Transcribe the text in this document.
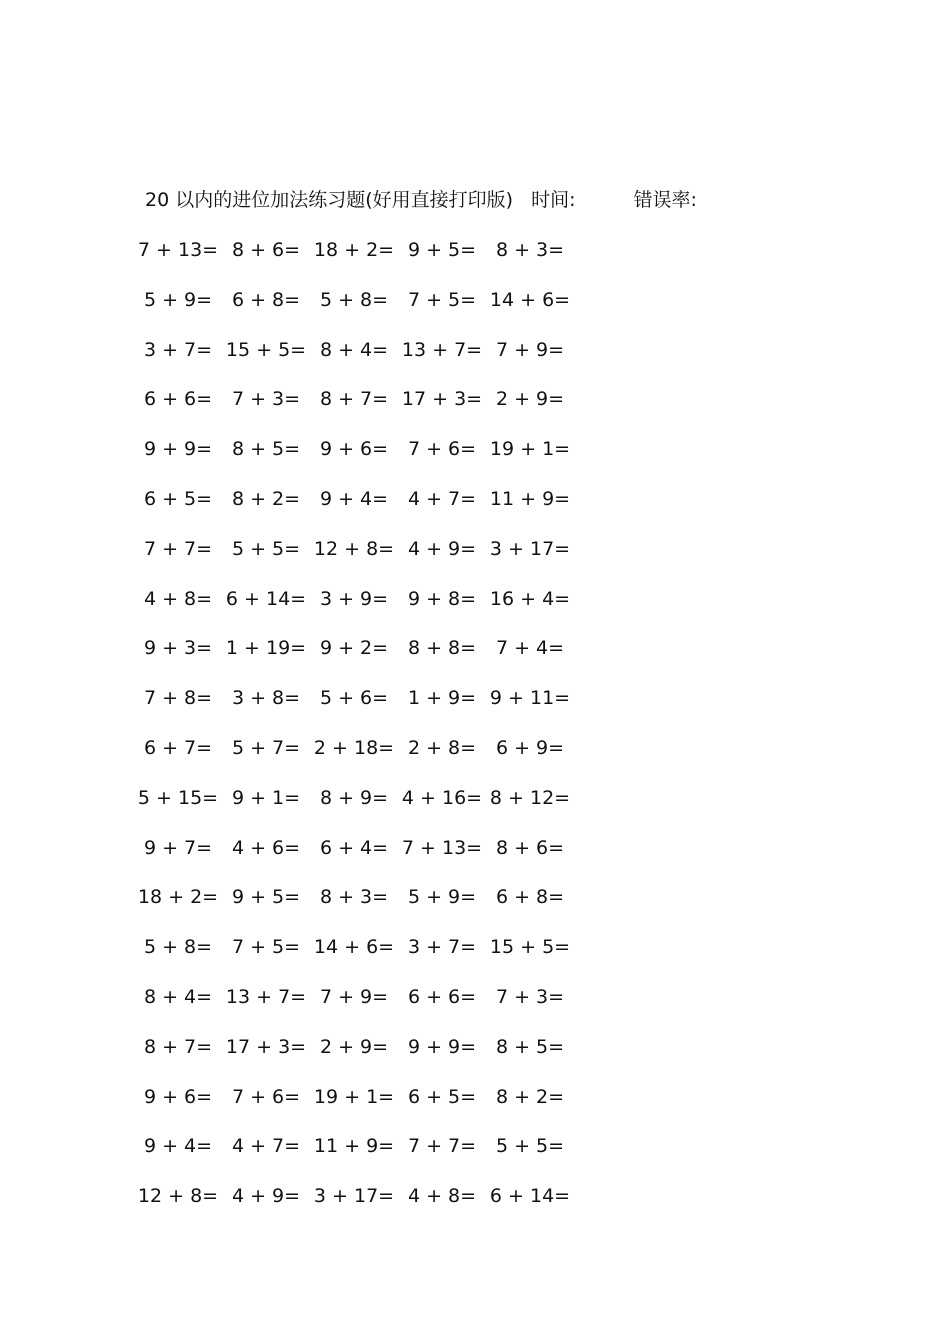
20 以内的进位加法练习题(好用直接打印版) 时间:	错误率:
7 + 13= 8 + 6= 18 + 2= 9 + 5=	8 + 3=
5 + 9=	6 + 8=	5 + 8=	7 + 5= 14 + 6=
3 + 7= 15 + 5= 8 + 4= 13 + 7= 7 + 9=
6 + 6=	7 + 3=	8 + 7= 17 + 3= 2 + 9=
9 + 9=	8 + 5=	9 + 6=	7 + 6= 19 + 1=
6 + 5=	8 + 2=	9 + 4=	4 + 7= 11 + 9=
7 + 7=	5 + 5= 12 + 8= 4 + 9= 3 + 17=
4 + 8= 6 + 14= 3 + 9=	9 + 8= 16 + 4=
9 + 3= 1 + 19= 9 + 2=	8 + 8=	7 + 4=
7 + 8=	3 + 8=	5 + 6=	1 + 9= 9 + 11=
6 + 7=	5 + 7= 2 + 18= 2 + 8=	6 + 9=
5 + 15= 9 + 1=	8 + 9= 4 + 16= 8 + 12=
9 + 7=	4 + 6=	6 + 4= 7 + 13= 8 + 6=
18 + 2= 9 + 5=	8 + 3=	5 + 9=	6 + 8=
5 + 8=	7 + 5= 14 + 6= 3 + 7= 15 + 5=
8 + 4= 13 + 7= 7 + 9=	6 + 6=	7 + 3=
8 + 7= 17 + 3= 2 + 9=	9 + 9=	8 + 5=
9 + 6=	7 + 6= 19 + 1= 6 + 5=	8 + 2=
9 + 4=	4 + 7= 11 + 9= 7 + 7=	5 + 5=
12 + 8= 4 + 9= 3 + 17= 4 + 8= 6 + 14=
